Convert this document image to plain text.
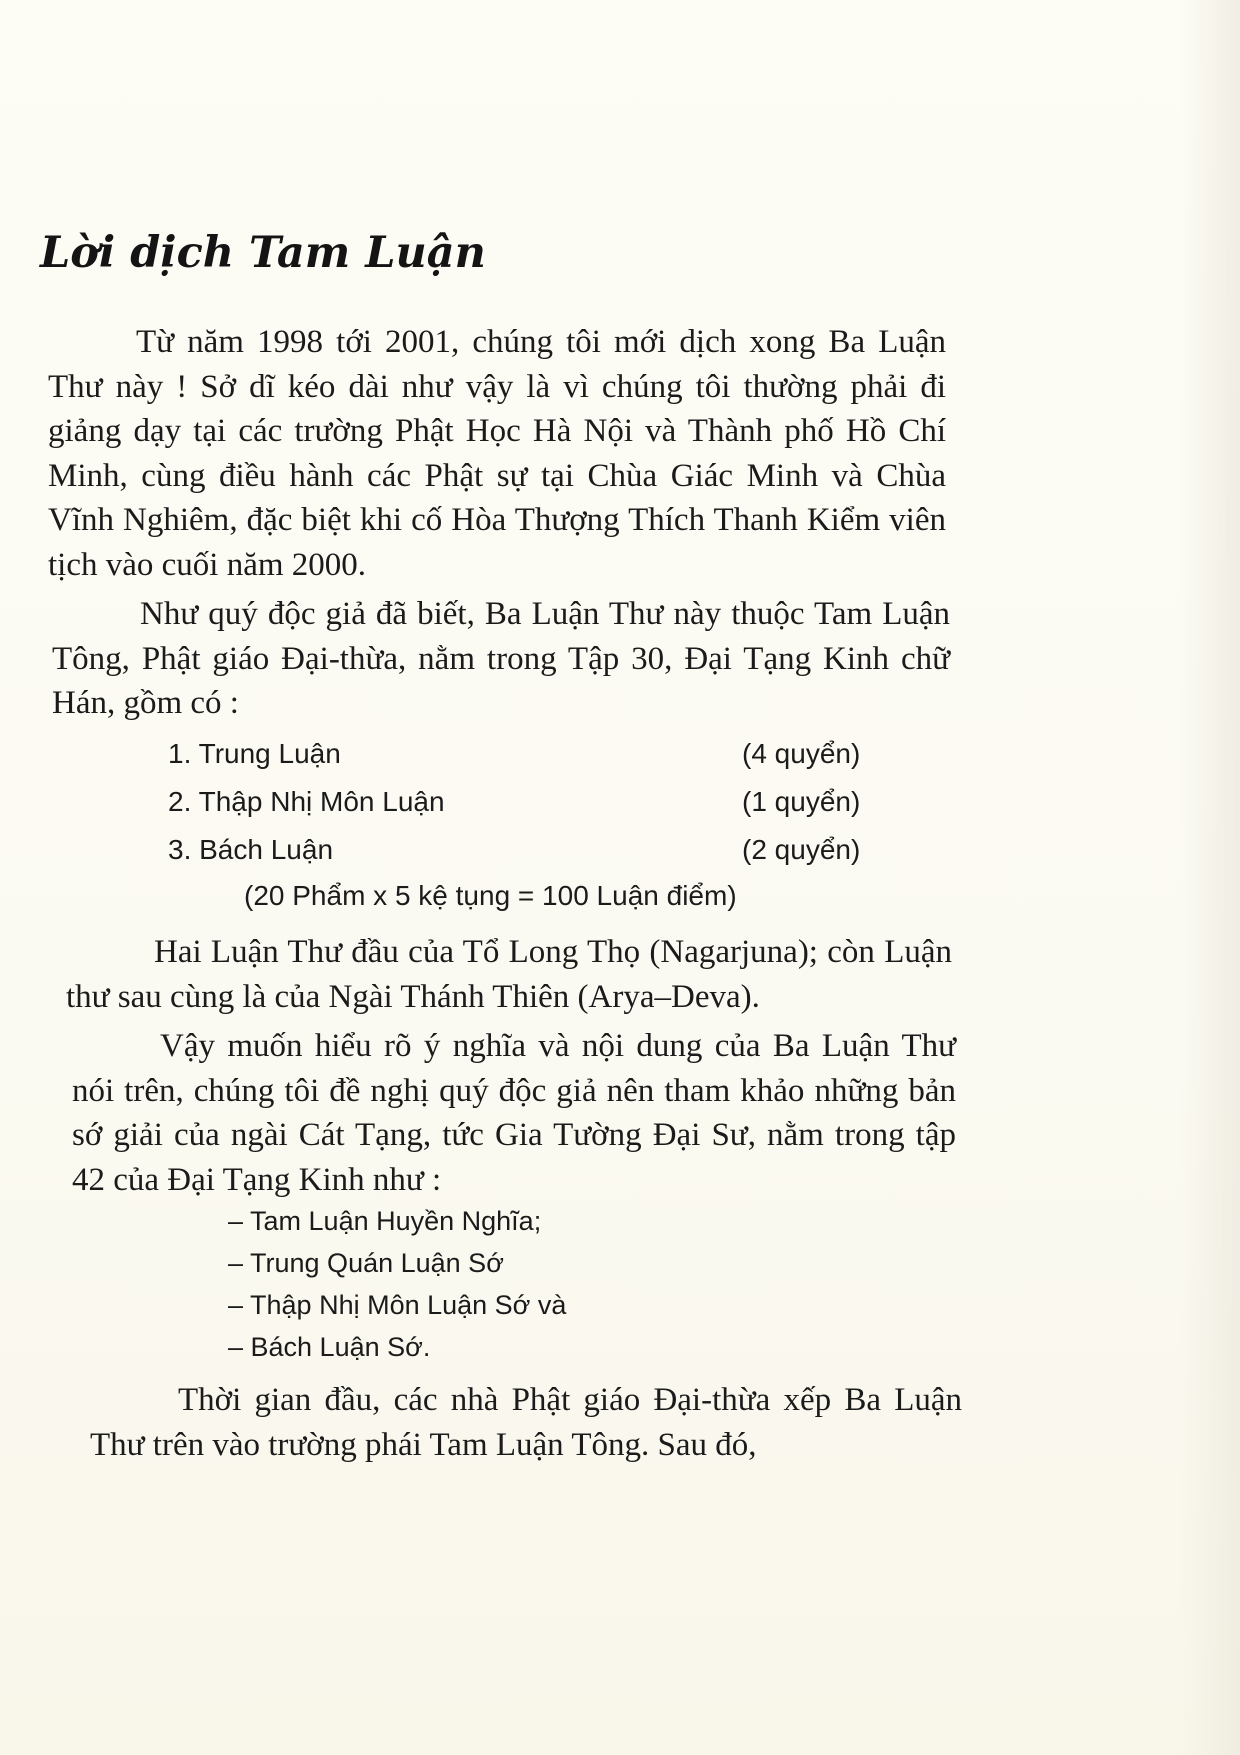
Lời dịch Tam Luận

Từ năm 1998 tới 2001, chúng tôi mới dịch xong Ba Luận Thư này ! Sở dĩ kéo dài như vậy là vì chúng tôi thường phải đi giảng dạy tại các trường Phật Học Hà Nội và Thành phố Hồ Chí Minh, cùng điều hành các Phật sự tại Chùa Giác Minh và Chùa Vĩnh Nghiêm, đặc biệt khi cố Hòa Thượng Thích Thanh Kiểm viên tịch vào cuối năm 2000.

Như quý độc giả đã biết, Ba Luận Thư này thuộc Tam Luận Tông, Phật giáo Đại-thừa, nằm trong Tập 30, Đại Tạng Kinh chữ Hán, gồm có :

1. Trung Luận	(4 quyển)
2. Thập Nhị Môn Luận	(1 quyển)
3. Bách Luận	(2 quyển)
(20 Phẩm x 5 kệ tụng = 100 Luận điểm)

Hai Luận Thư đầu của Tổ Long Thọ (Nagarjuna); còn Luận thư sau cùng là của Ngài Thánh Thiên (Arya–Deva).

Vậy muốn hiểu rõ ý nghĩa và nội dung của Ba Luận Thư nói trên, chúng tôi đề nghị quý độc giả nên tham khảo những bản sớ giải của ngài Cát Tạng, tức Gia Tường Đại Sư, nằm trong tập 42 của Đại Tạng Kinh như :

– Tam Luận Huyền Nghĩa;
– Trung Quán Luận Sớ
– Thập Nhị Môn Luận Sớ và
– Bách Luận Sớ.

Thời gian đầu, các nhà Phật giáo Đại-thừa xếp Ba Luận Thư trên vào trường phái Tam Luận Tông. Sau đó,
